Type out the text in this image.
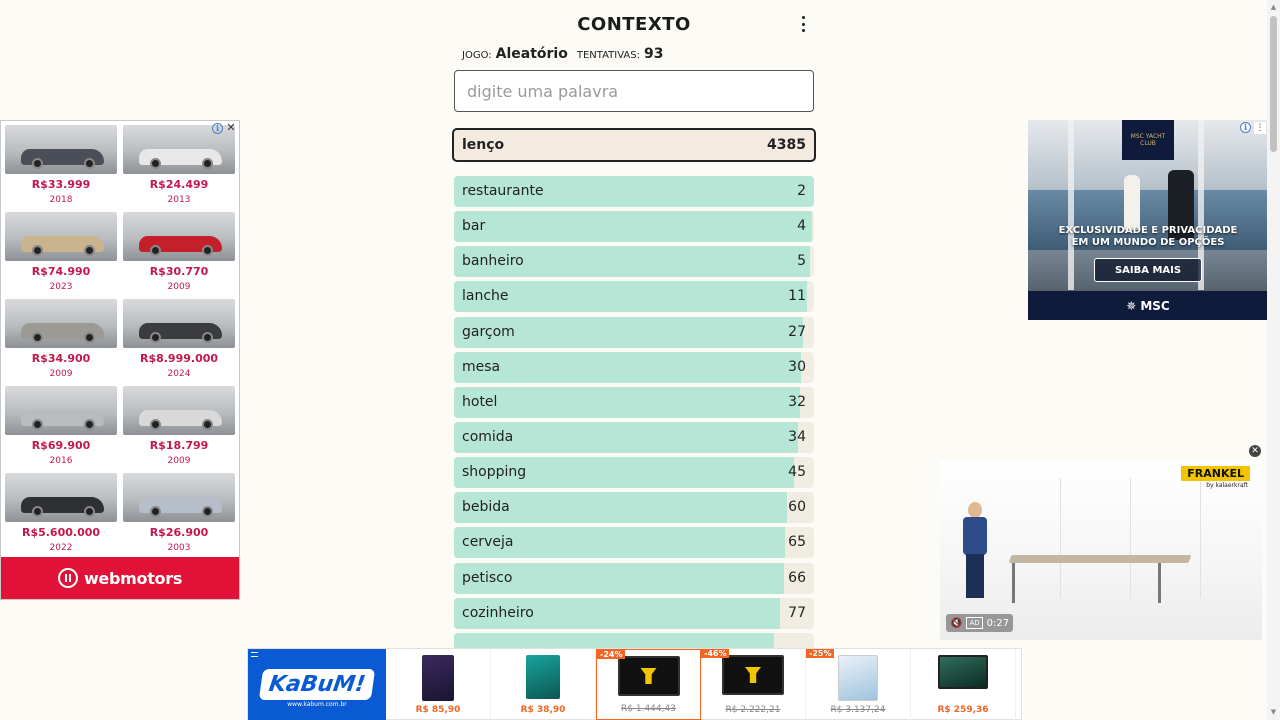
CONTEXTO
JOGO: Aleatório TENTATIVAS: 93
digite uma palavra
lenço	4385
restaurante	2
bar	4
banheiro	5
lanche	11
garçom	27
mesa	30
hotel	32
comida	34
shopping	45
bebida	60
cerveja	65
petisco	66
cozinheiro	77
R$33.999
2018
R$24.499
2013
R$74.990
2023
R$30.770
2009
R$34.900
2009
R$8.999.000
2024
R$69.900
2016
R$18.799
2009
R$5.600.000
2022
R$26.900
2003
i ✕
webmotors
MSC YACHT CLUB
i ⋮
EXCLUSIVIDADE E PRIVACIDADE
EM UM MUNDO DE OPÇÕES
SAIBA MAIS
✵ MSC
✕
FRANKEL
by kalaerkraft
🔇	AD 0:27
KaBuM!
www.kabum.com.br
R$ 85,90	R$ 38,90
-24%
R$ 1.444,43
-46%
R$ 2.222,21
-25%
R$ 3.137,24	R$ 259,36
▲
▼
